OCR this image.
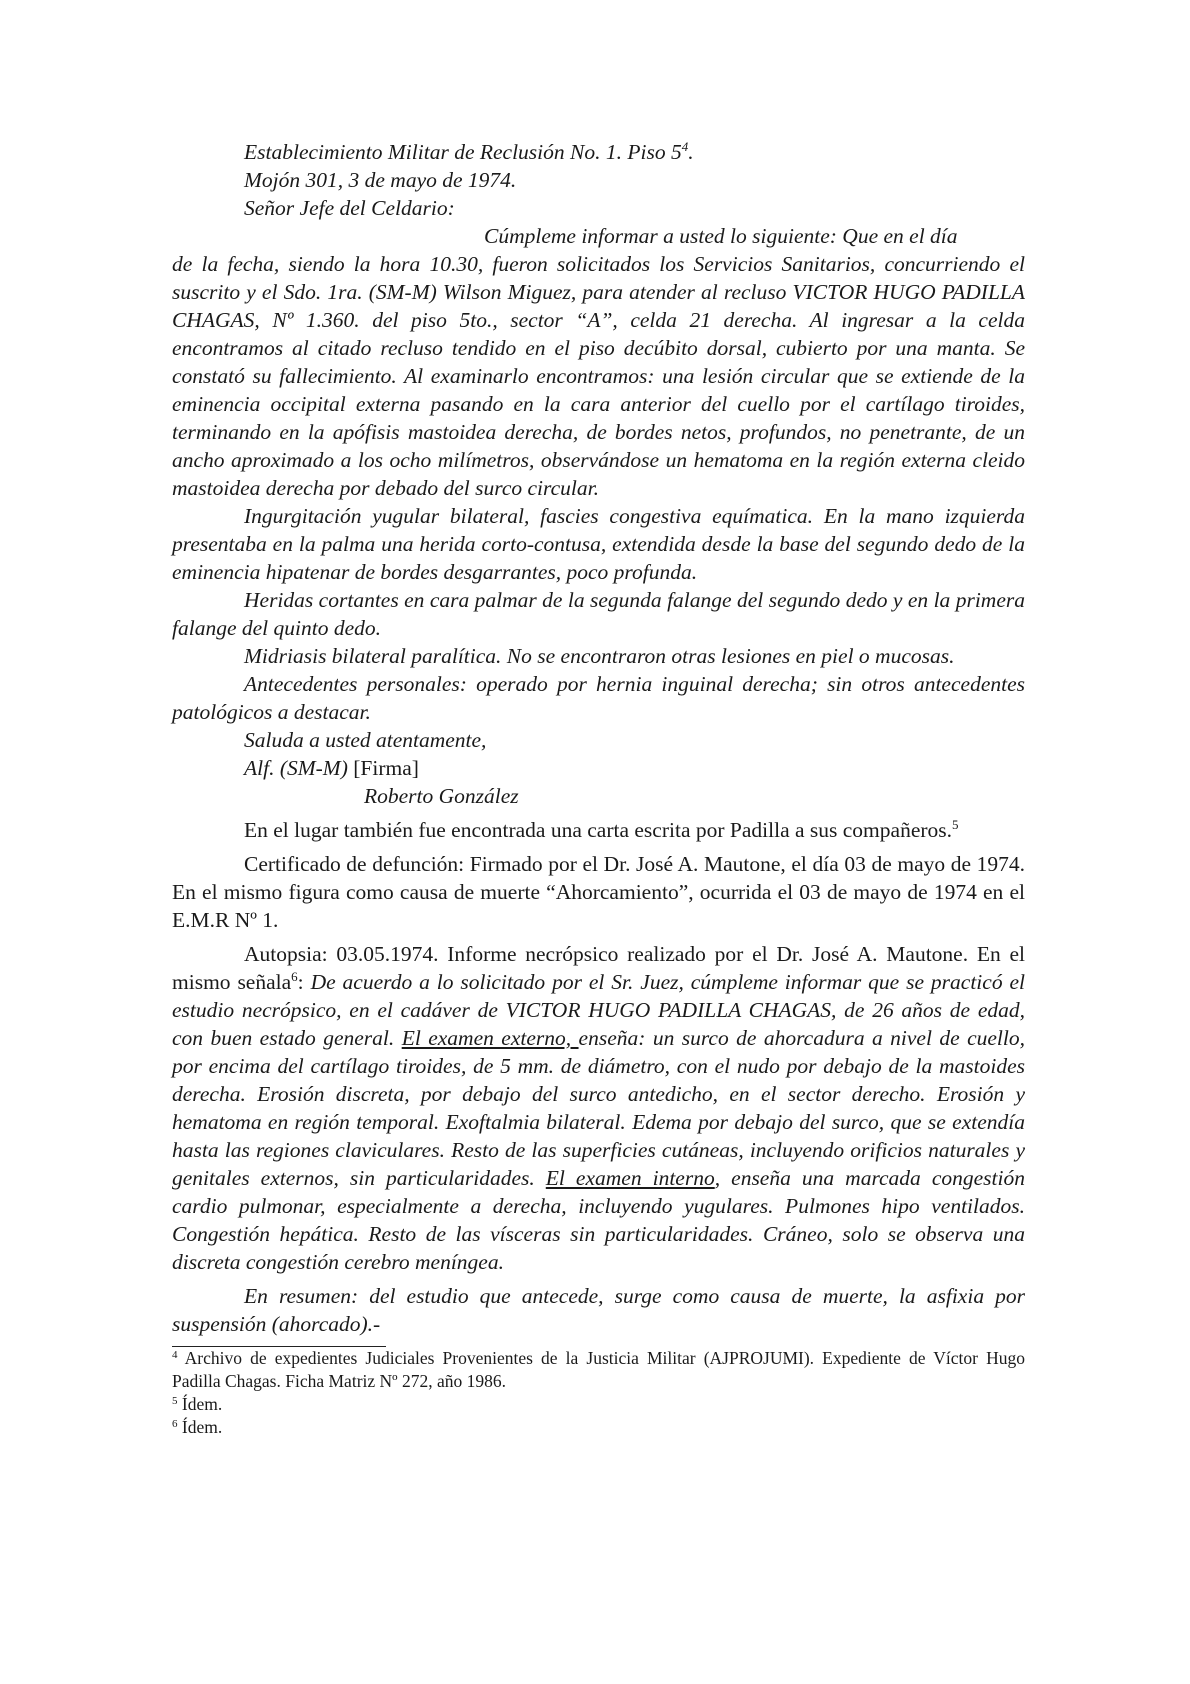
Establecimiento Militar de Reclusión No. 1. Piso $5^4$.

Mojón 301, 3 de mayo de 1974.

Señor Jefe del Celdario:

Cúmpleme informar a usted lo siguiente: Que en el día

de la fecha, siendo la hora 10.30, fueron solicitados los Servicios Sanitarios, concurriendo el suscrito y el Sdo. 1ra. (SM-M) Wilson Miguez, para atender al recluso VICTOR HUGO PADILLA CHAGAS, Nº 1.360. del piso 5to., sector “A”, celda 21 derecha. Al ingresar a la celda encontramos al citado recluso tendido en el piso decúbito dorsal, cubierto por una manta. Se constató su fallecimiento. Al examinarlo encontramos: una lesión circular que se extiende de la eminencia occipital externa pasando en la cara anterior del cuello por el cartílago tiroides, terminando en la apófisis mastoidea derecha, de bordes netos, profundos, no penetrante, de un ancho aproximado a los ocho milímetros, observándose un hematoma en la región externa cleido mastoidea derecha por debado del surco circular.

Ingurgitación yugular bilateral, fascies congestiva equímatica. En la mano izquierda presentaba en la palma una herida corto-contusa, extendida desde la base del segundo dedo de la eminencia hipatenar de bordes desgarrantes, poco profunda.

Heridas cortantes en cara palmar de la segunda falange del segundo dedo y en la primera falange del quinto dedo.

Midriasis bilateral paralítica. No se encontraron otras lesiones en piel o mucosas.

Antecedentes personales: operado por hernia inguinal derecha; sin otros antecedentes patológicos a destacar.

Saluda a usted atentamente,

Alf. (SM-M) [Firma]

Roberto González

En el lugar también fue encontrada una carta escrita por Padilla a sus compañeros.$^5$

Certificado de defunción: Firmado por el Dr. José A. Mautone, el día 03 de mayo de 1974. En el mismo figura como causa de muerte “Ahorcamiento”, ocurrida el 03 de mayo de 1974 en el E.M.R Nº 1.

Autopsia: 03.05.1974. Informe necrópsico realizado por el Dr. José A. Mautone. En el mismo señala$^6$: De acuerdo a lo solicitado por el Sr. Juez, cúmpleme informar que se practicó el estudio necrópsico, en el cadáver de VICTOR HUGO PADILLA CHAGAS, de 26 años de edad, con buen estado general. El examen externo, enseña: un surco de ahorcadura a nivel de cuello, por encima del cartílago tiroides, de 5 mm. de diámetro, con el nudo por debajo de la mastoides derecha. Erosión discreta, por debajo del surco antedicho, en el sector derecho. Erosión y hematoma en región temporal. Exoftalmia bilateral. Edema por debajo del surco, que se extendía hasta las regiones claviculares. Resto de las superficies cutáneas, incluyendo orificios naturales y genitales externos, sin particularidades. El examen interno, enseña una marcada congestión cardio pulmonar, especialmente a derecha, incluyendo yugulares. Pulmones hipo ventilados. Congestión hepática. Resto de las vísceras sin particularidades. Cráneo, solo se observa una discreta congestión cerebro meníngea.

En resumen: del estudio que antecede, surge como causa de muerte, la asfixia por suspensión (ahorcado).-

$^4$ Archivo de expedientes Judiciales Provenientes de la Justicia Militar (AJPROJUMI). Expediente de Víctor Hugo Padilla Chagas. Ficha Matriz Nº 272, año 1986.

$^5$ Ídem.

$^6$ Ídem.
